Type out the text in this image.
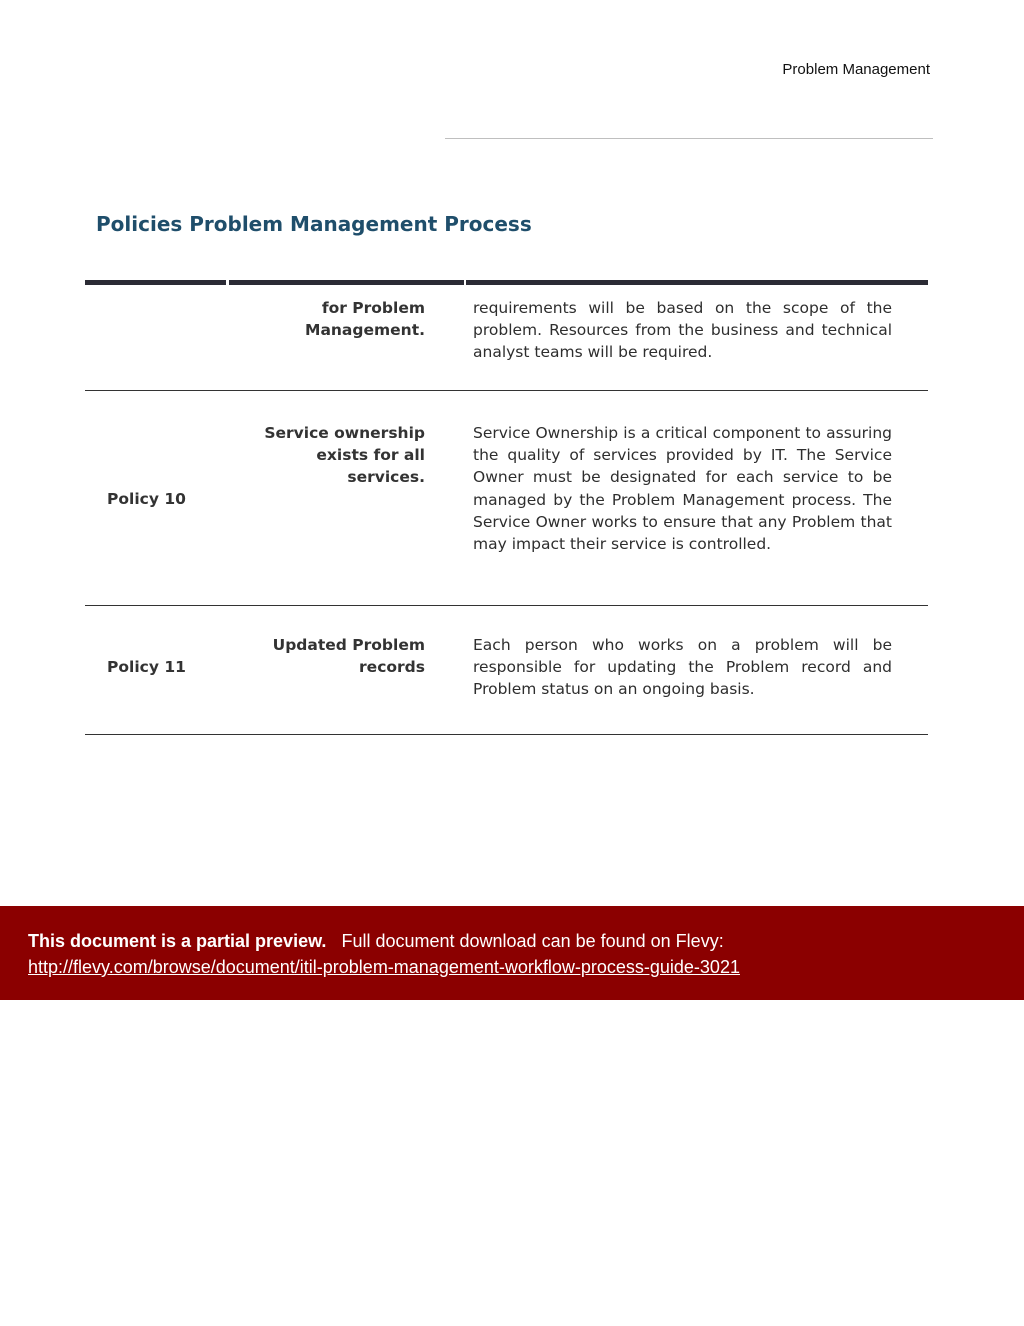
Problem Management
Policies Problem Management Process
for Problem Management.
requirements will be based on the scope of the problem. Resources from the business and technical analyst teams will be required.
Policy 10
Service ownership exists for all services.
Service Ownership is a critical component to assuring the quality of services provided by IT. The Service Owner must be designated for each service to be managed by the Problem Management process. The Service Owner works to ensure that any Problem that may impact their service is controlled.
Policy 11
Updated Problem records
Each person who works on a problem will be responsible for updating the Problem record and Problem status on an ongoing basis.
This document is a partial preview. Full document download can be found on Flevy:
http://flevy.com/browse/document/itil-problem-management-workflow-process-guide-3021
